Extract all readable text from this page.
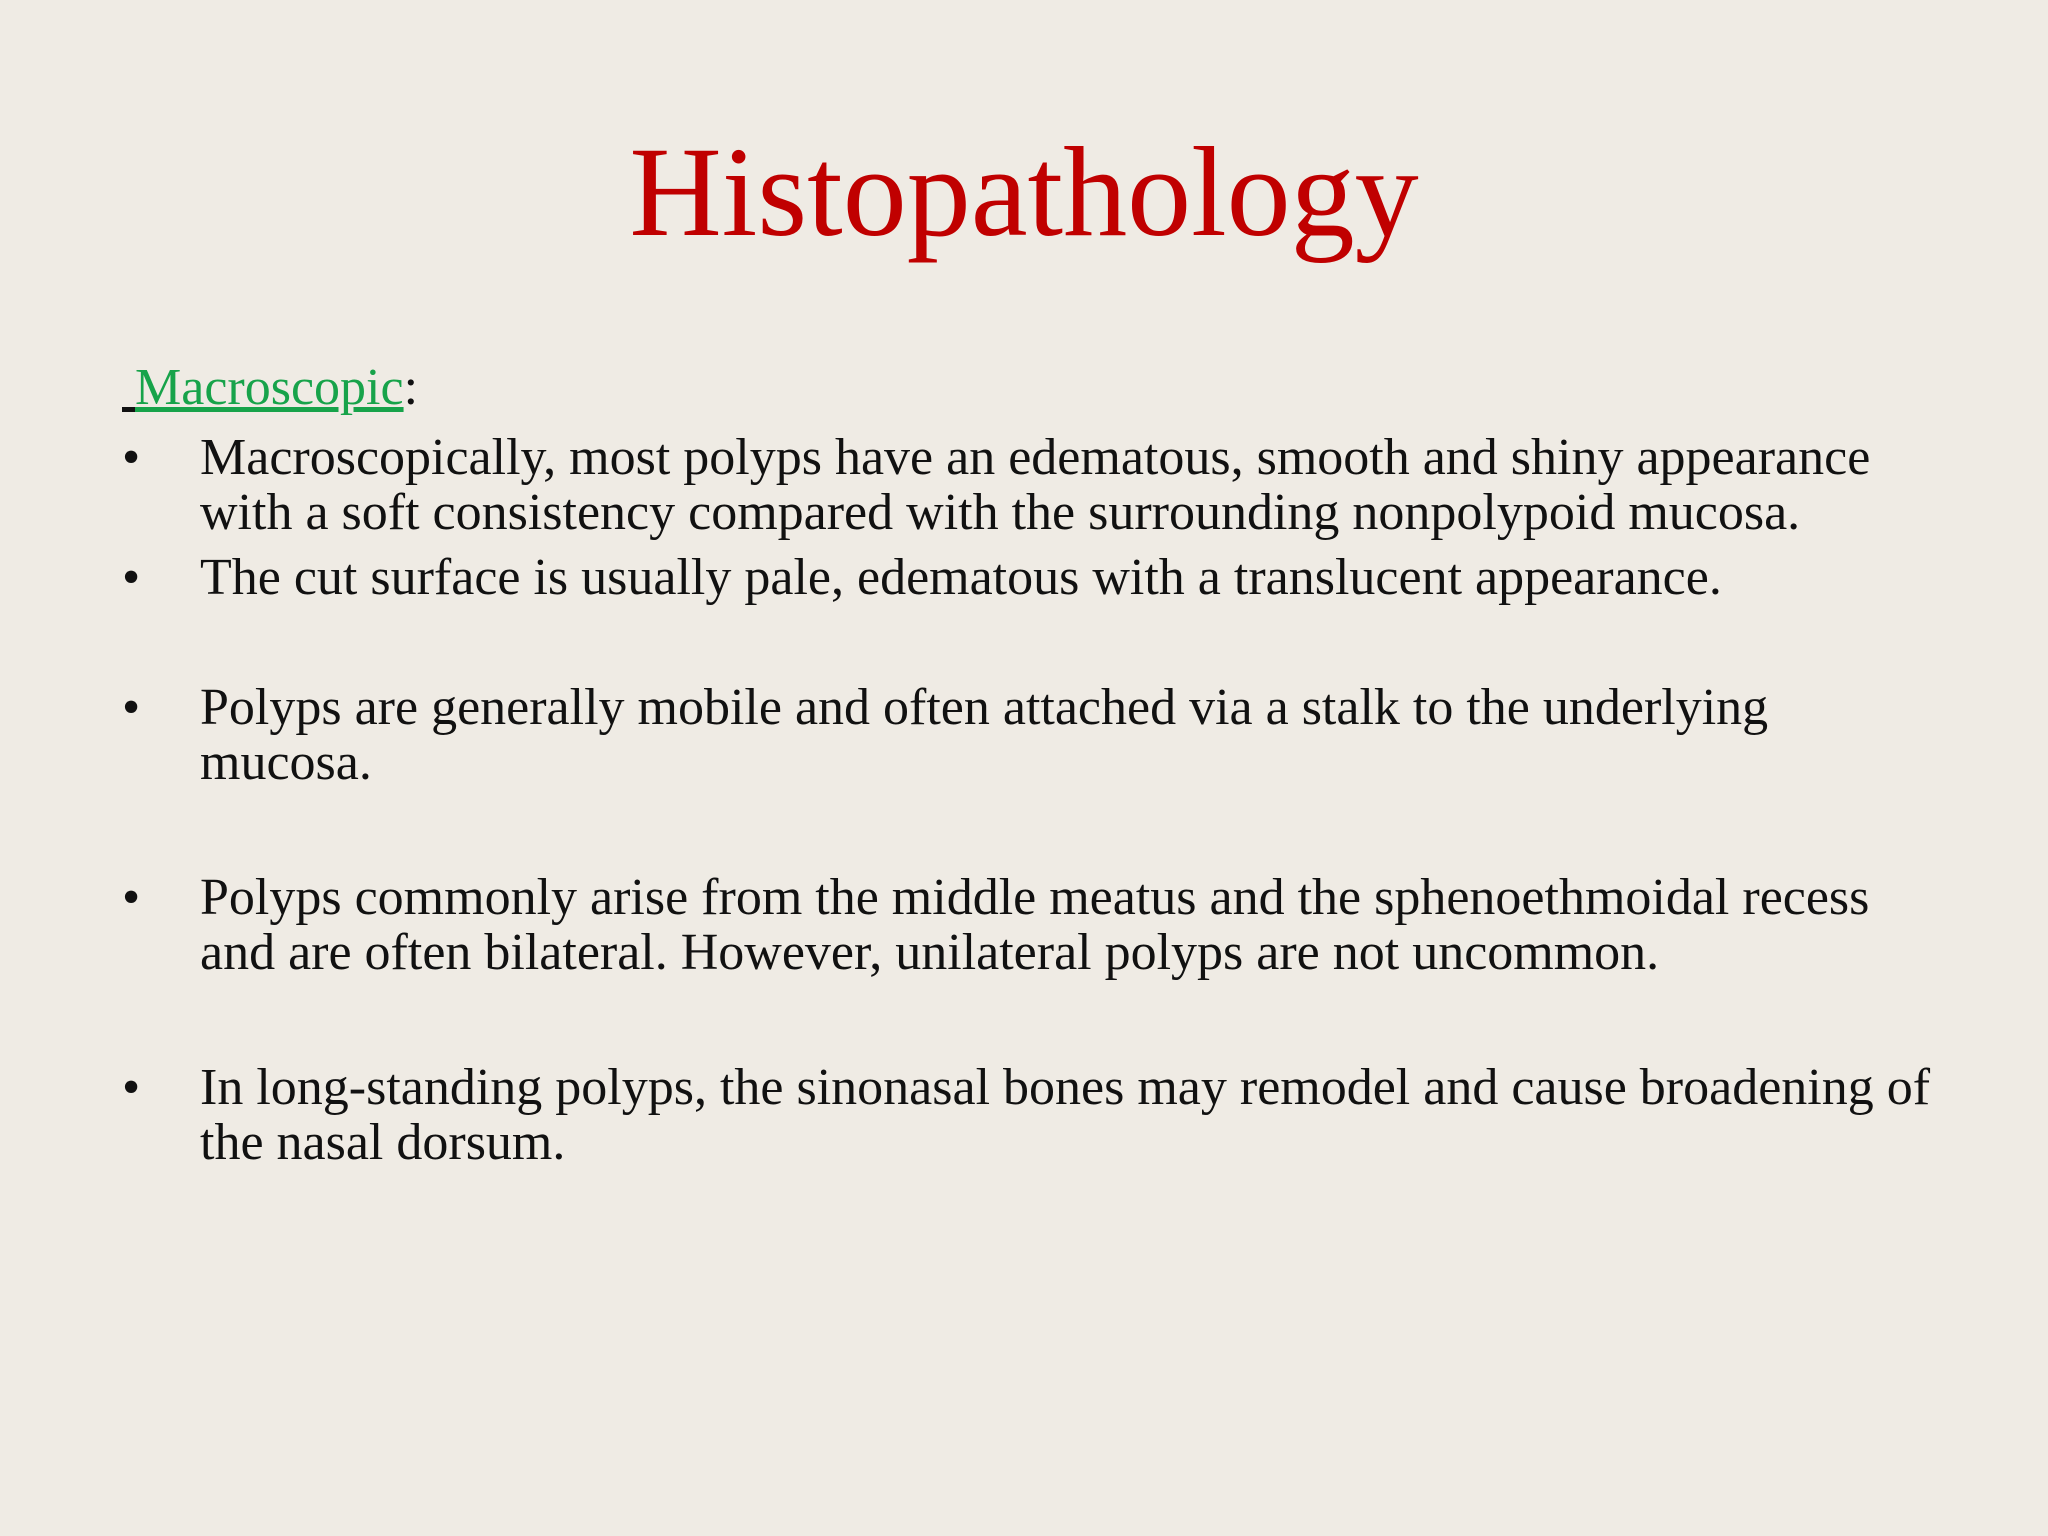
Histopathology
Macroscopic:
• Macroscopically, most polyps have an edematous, smooth and shiny appearance with a soft consistency compared with the surrounding nonpolypoid mucosa.
• The cut surface is usually pale, edematous with a translucent appearance.
• Polyps are generally mobile and often attached via a stalk to the underlying mucosa.
• Polyps commonly arise from the middle meatus and the sphenoethmoidal recess and are often bilateral. However, unilateral polyps are not uncommon.
• In long-standing polyps, the sinonasal bones may remodel and cause broadening of the nasal dorsum.
